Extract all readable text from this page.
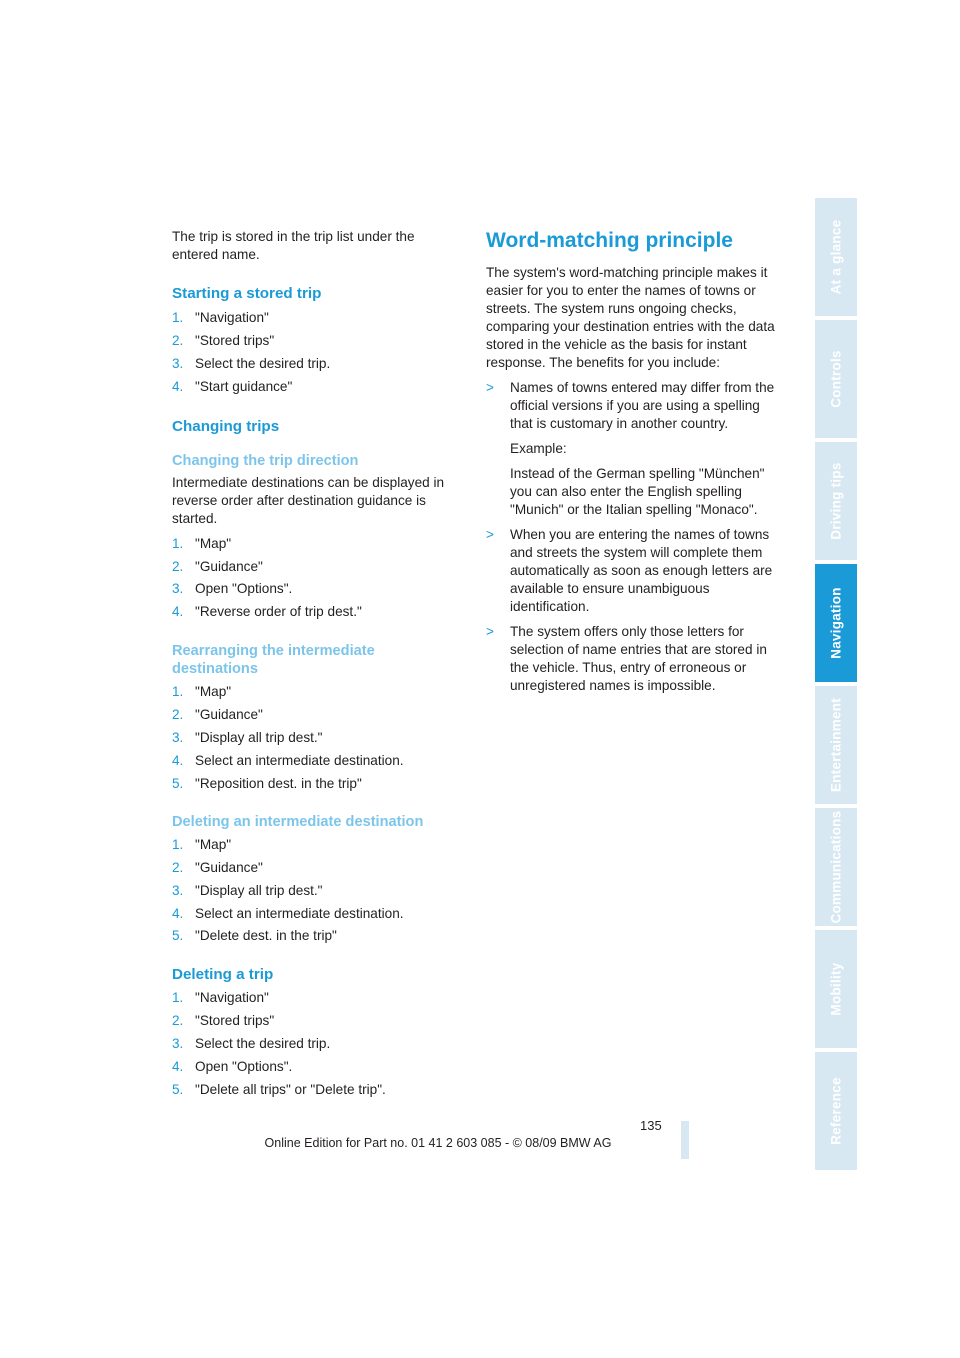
The trip is stored in the trip list under the entered name.

Starting a stored trip
1. "Navigation"
2. "Stored trips"
3. Select the desired trip.
4. "Start guidance"
Changing trips
Changing the trip direction

Intermediate destinations can be displayed in reverse order after destination guidance is started.

1. "Map"
2. "Guidance"
3. Open "Options".
4. "Reverse order of trip dest."
Rearranging the intermediate destinations
1. "Map"
2. "Guidance"
3. "Display all trip dest."
4. Select an intermediate destination.
5. "Reposition dest. in the trip"
Deleting an intermediate destination
1. "Map"
2. "Guidance"
3. "Display all trip dest."
4. Select an intermediate destination.
5. "Delete dest. in the trip"
Deleting a trip
1. "Navigation"
2. "Stored trips"
3. Select the desired trip.
4. Open "Options".
5. "Delete all trips" or "Delete trip".
Word-matching principle

The system's word-matching principle makes it easier for you to enter the names of towns or streets. The system runs ongoing checks, comparing your destination entries with the data stored in the vehicle as the basis for instant response. The benefits for you include:

> Names of towns entered may differ from the official versions if you are using a spelling that is customary in another country.

Example:

Instead of the German spelling "München" you can also enter the English spelling "Munich" or the Italian spelling "Monaco".

> When you are entering the names of towns and streets the system will complete them automatically as soon as enough letters are available to ensure unambiguous identification.

> The system offers only those letters for selection of name entries that are stored in the vehicle. Thus, entry of erroneous or unregistered names is impossible.

At a glance
Controls
Driving tips
Navigation
Entertainment
Communications
Mobility
Reference
135
Online Edition for Part no. 01 41 2 603 085 - © 08/09 BMW AG
